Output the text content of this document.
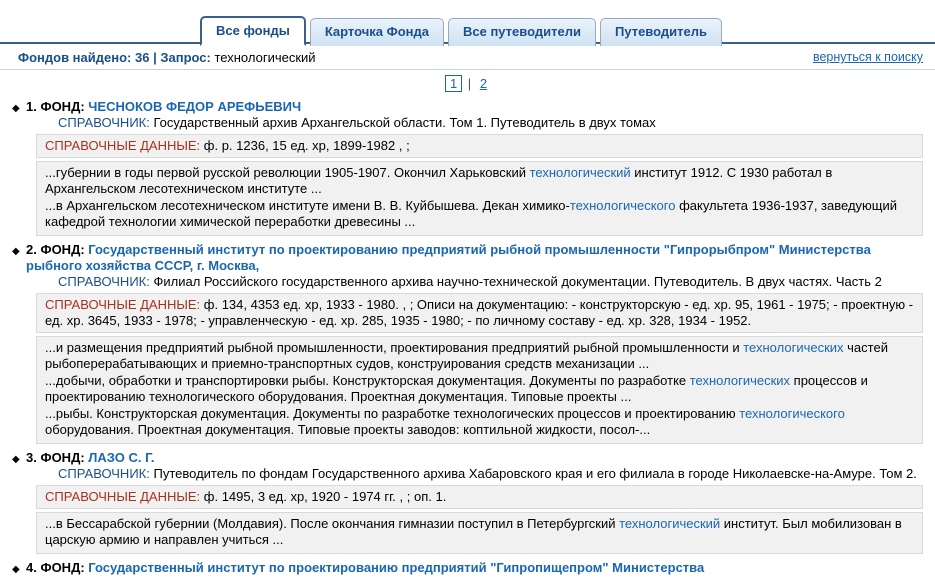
Все фонды	Карточка Фонда	Все путеводители	Путеводитель
Фондов найдено: 36 | Запрос: технологический	вернуться к поиску
1 | 2
◆ 1. ФОНД: ЧЕСНОКОВ ФЕДОР АРЕФЬЕВИЧ
СПРАВОЧНИК: Государственный архив Архангельской области. Том 1. Путеводитель в двух томах
СПРАВОЧНЫЕ ДАННЫЕ: ф. р. 1236, 15 ед. хр, 1899-1982 , ;
...губернии в годы первой русской революции 1905-1907. Окончил Харьковский технологический институт 1912. С 1930 работал в Архангельском лесотехническом институте ...
...в Архангельском лесотехническом институте имени В. В. Куйбышева. Декан химико-технологического факультета 1936-1937, заведующий кафедрой технологии химической переработки древесины ...
◆ 2. ФОНД: Государственный институт по проектированию предприятий рыбной промышленности "Гипрорыбпром" Министерства рыбного хозяйства СССР, г. Москва,
СПРАВОЧНИК: Филиал Российского государственного архива научно-технической документации. Путеводитель. В двух частях. Часть 2
СПРАВОЧНЫЕ ДАННЫЕ: ф. 134, 4353 ед. хр, 1933 - 1980. , ; Описи на документацию: - конструкторскую - ед. хр. 95, 1961 - 1975; - проектную - ед. хр. 3645, 1933 - 1978; - управленческую - ед. хр. 285, 1935 - 1980; - по личному составу - ед. хр. 328, 1934 - 1952.
...и размещения предприятий рыбной промышленности, проектирования предприятий рыбной промышленности и технологических частей рыбоперерабатывающих и приемно-транспортных судов, конструирования средств механизации ...
...добычи, обработки и транспортировки рыбы. Конструкторская документация. Документы по разработке технологических процессов и проектированию технологического оборудования. Проектная документация. Типовые проекты ...
...рыбы. Конструкторская документация. Документы по разработке технологических процессов и проектированию технологического оборудования. Проектная документация. Типовые проекты заводов: коптильной жидкости, посол-...
◆ 3. ФОНД: ЛАЗО С. Г.
СПРАВОЧНИК: Путеводитель по фондам Государственного архива Хабаровского края и его филиала в городе Николаевске-на-Амуре. Том 2.
СПРАВОЧНЫЕ ДАННЫЕ: ф. 1495, 3 ед. хр, 1920 - 1974 гг. , ; оп. 1.
...в Бессарабской губернии (Молдавия). После окончания гимназии поступил в Петербургский технологический институт. Был мобилизован в царскую армию и направлен учиться ...
◆ 4. ФОНД: Государственный институт по проектированию предприятий "Гипропищепром" Министерства
